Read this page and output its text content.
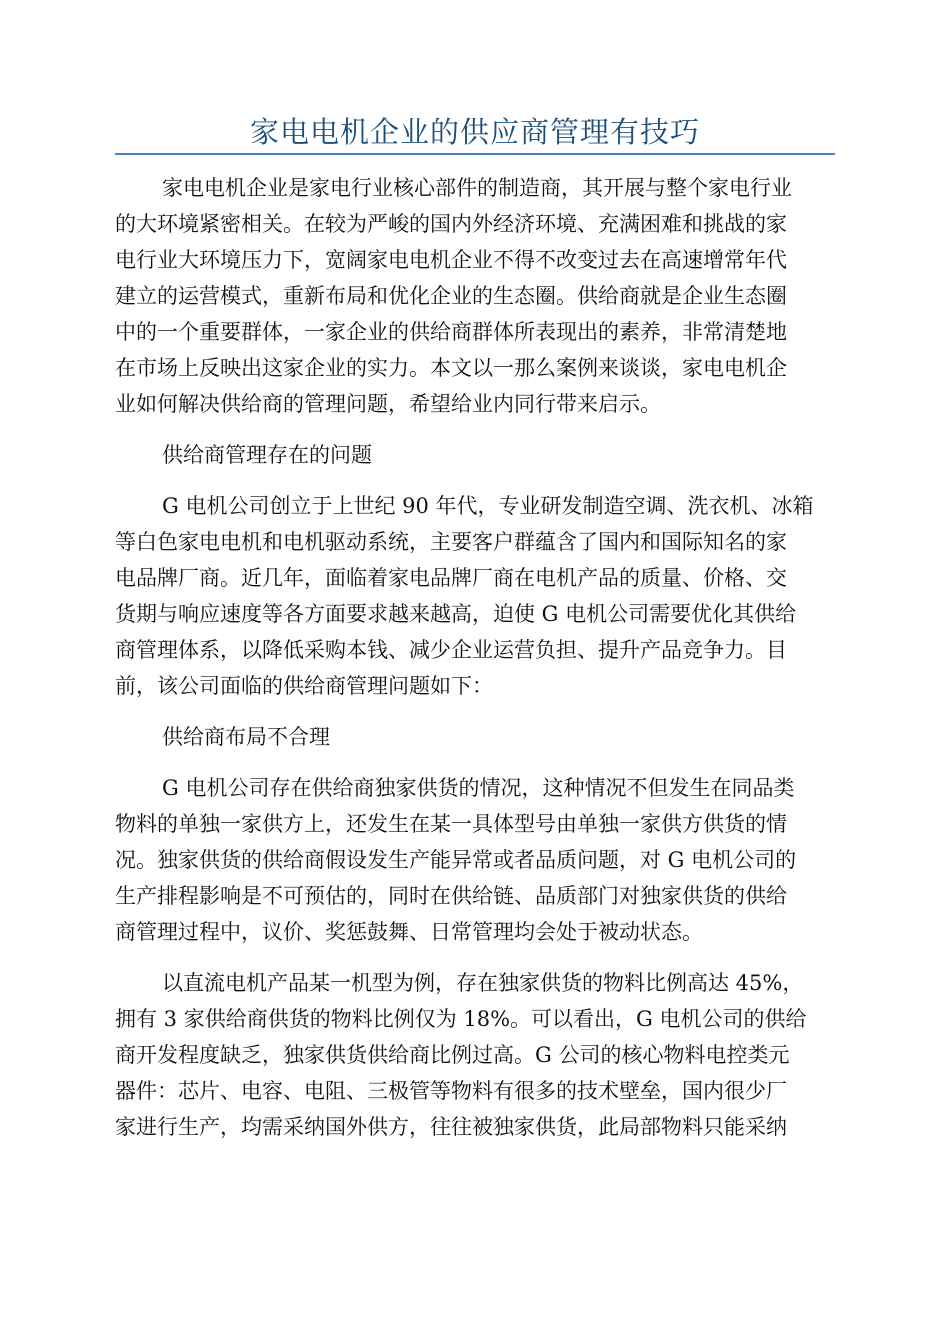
家电电机企业的供应商管理有技巧
家电电机企业是家电行业核心部件的制造商，其开展与整个家电行业
的大环境紧密相关。在较为严峻的国内外经济环境、充满困难和挑战的家
电行业大环境压力下，宽阔家电电机企业不得不改变过去在高速增常年代
建立的运营模式，重新布局和优化企业的生态圈。供给商就是企业生态圈
中的一个重要群体，一家企业的供给商群体所表现出的素养，非常清楚地
在市场上反映出这家企业的实力。本文以一那么案例来谈谈，家电电机企
业如何解决供给商的管理问题，希望给业内同行带来启示。
供给商管理存在的问题
G 电机公司创立于上世纪 90 年代，专业研发制造空调、洗衣机、冰箱
等白色家电电机和电机驱动系统，主要客户群蕴含了国内和国际知名的家
电品牌厂商。近几年，面临着家电品牌厂商在电机产品的质量、价格、交
货期与响应速度等各方面要求越来越高，迫使 G 电机公司需要优化其供给
商管理体系，以降低采购本钱、减少企业运营负担、提升产品竞争力。目
前，该公司面临的供给商管理问题如下：
供给商布局不合理
G 电机公司存在供给商独家供货的情况，这种情况不但发生在同品类
物料的单独一家供方上，还发生在某一具体型号由单独一家供方供货的情
况。独家供货的供给商假设发生产能异常或者品质问题，对 G 电机公司的
生产排程影响是不可预估的，同时在供给链、品质部门对独家供货的供给
商管理过程中，议价、奖惩鼓舞、日常管理均会处于被动状态。
以直流电机产品某一机型为例，存在独家供货的物料比例高达 45%，
拥有 3 家供给商供货的物料比例仅为 18%。可以看出，G 电机公司的供给
商开发程度缺乏，独家供货供给商比例过高。G 公司的核心物料电控类元
器件：芯片、电容、电阻、三极管等物料有很多的技术壁垒，国内很少厂
家进行生产，均需采纳国外供方，往往被独家供货，此局部物料只能采纳
